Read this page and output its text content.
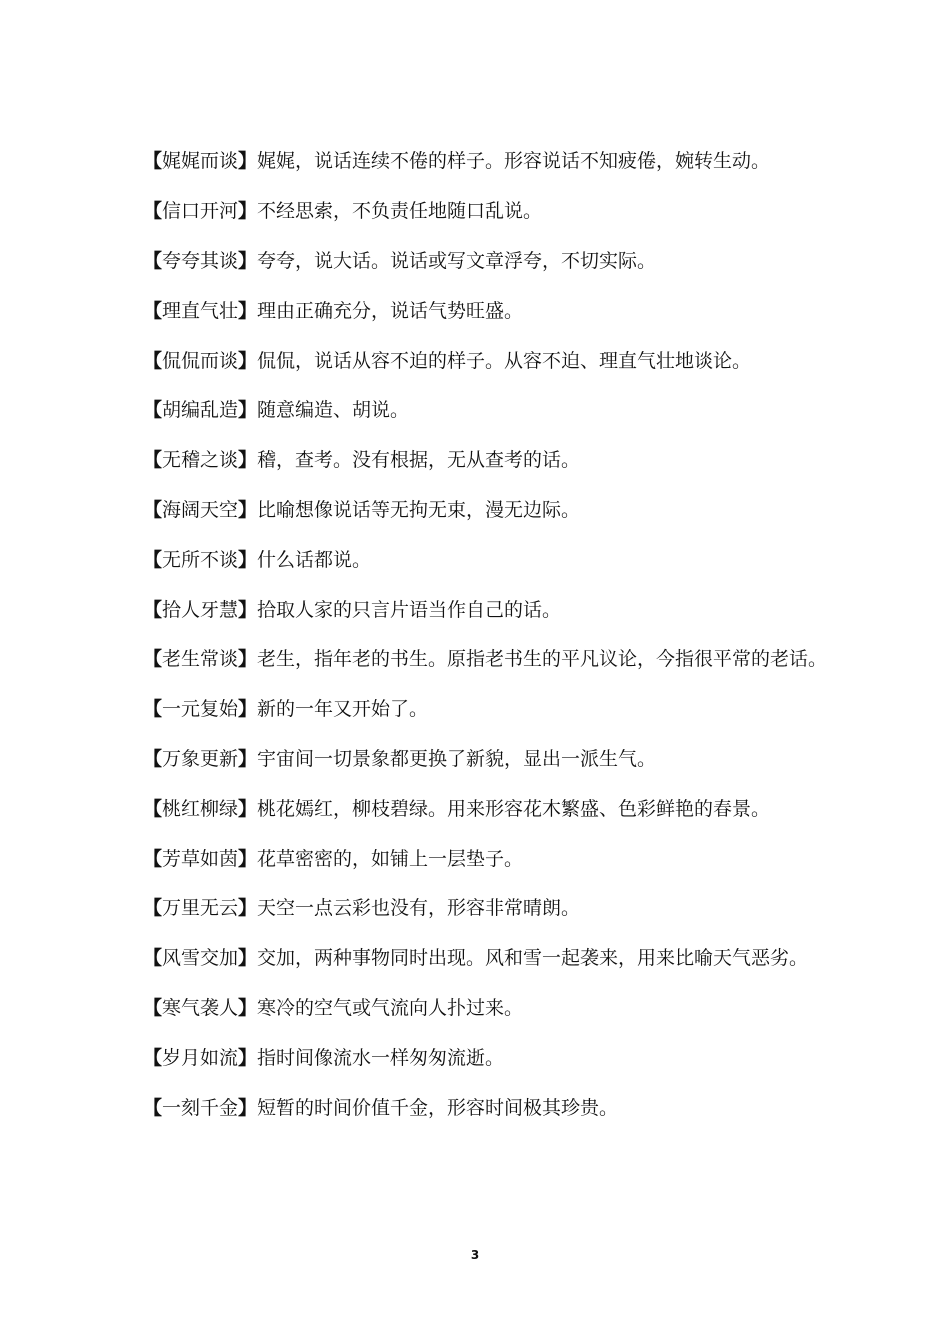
【娓娓而谈】 娓娓，说话连续不倦的样子。形容说话不知疲倦，婉转生动。
【信口开河】 不经思索，不负责任地随口乱说。
【夸夸其谈】 夸夸，说大话。说话或写文章浮夸，不切实际。
【理直气壮】 理由正确充分，说话气势旺盛。
【侃侃而谈】 侃侃，说话从容不迫的样子。从容不迫、理直气壮地谈论。
【胡编乱造】 随意编造、胡说。
【无稽之谈】 稽，查考。没有根据，无从查考的话。
【海阔天空】 比喻想像说话等无拘无束，漫无边际。
【无所不谈】 什么话都说。
【拾人牙慧】 拾取人家的只言片语当作自己的话。
【老生常谈】 老生，指年老的书生。原指老书生的平凡议论，今指很平常的老话。
【一元复始】 新的一年又开始了。
【万象更新】 宇宙间一切景象都更换了新貌，显出一派生气。
【桃红柳绿】 桃花嫣红，柳枝碧绿。用来形容花木繁盛、色彩鲜艳的春景。
【芳草如茵】 花草密密的，如铺上一层垫子。
【万里无云】 天空一点云彩也没有，形容非常晴朗。
【风雪交加】 交加，两种事物同时出现。风和雪一起袭来，用来比喻天气恶劣。
【寒气袭人】 寒冷的空气或气流向人扑过来。
【岁月如流】 指时间像流水一样匆匆流逝。
【一刻千金】 短暂的时间价值千金，形容时间极其珍贵。
3
